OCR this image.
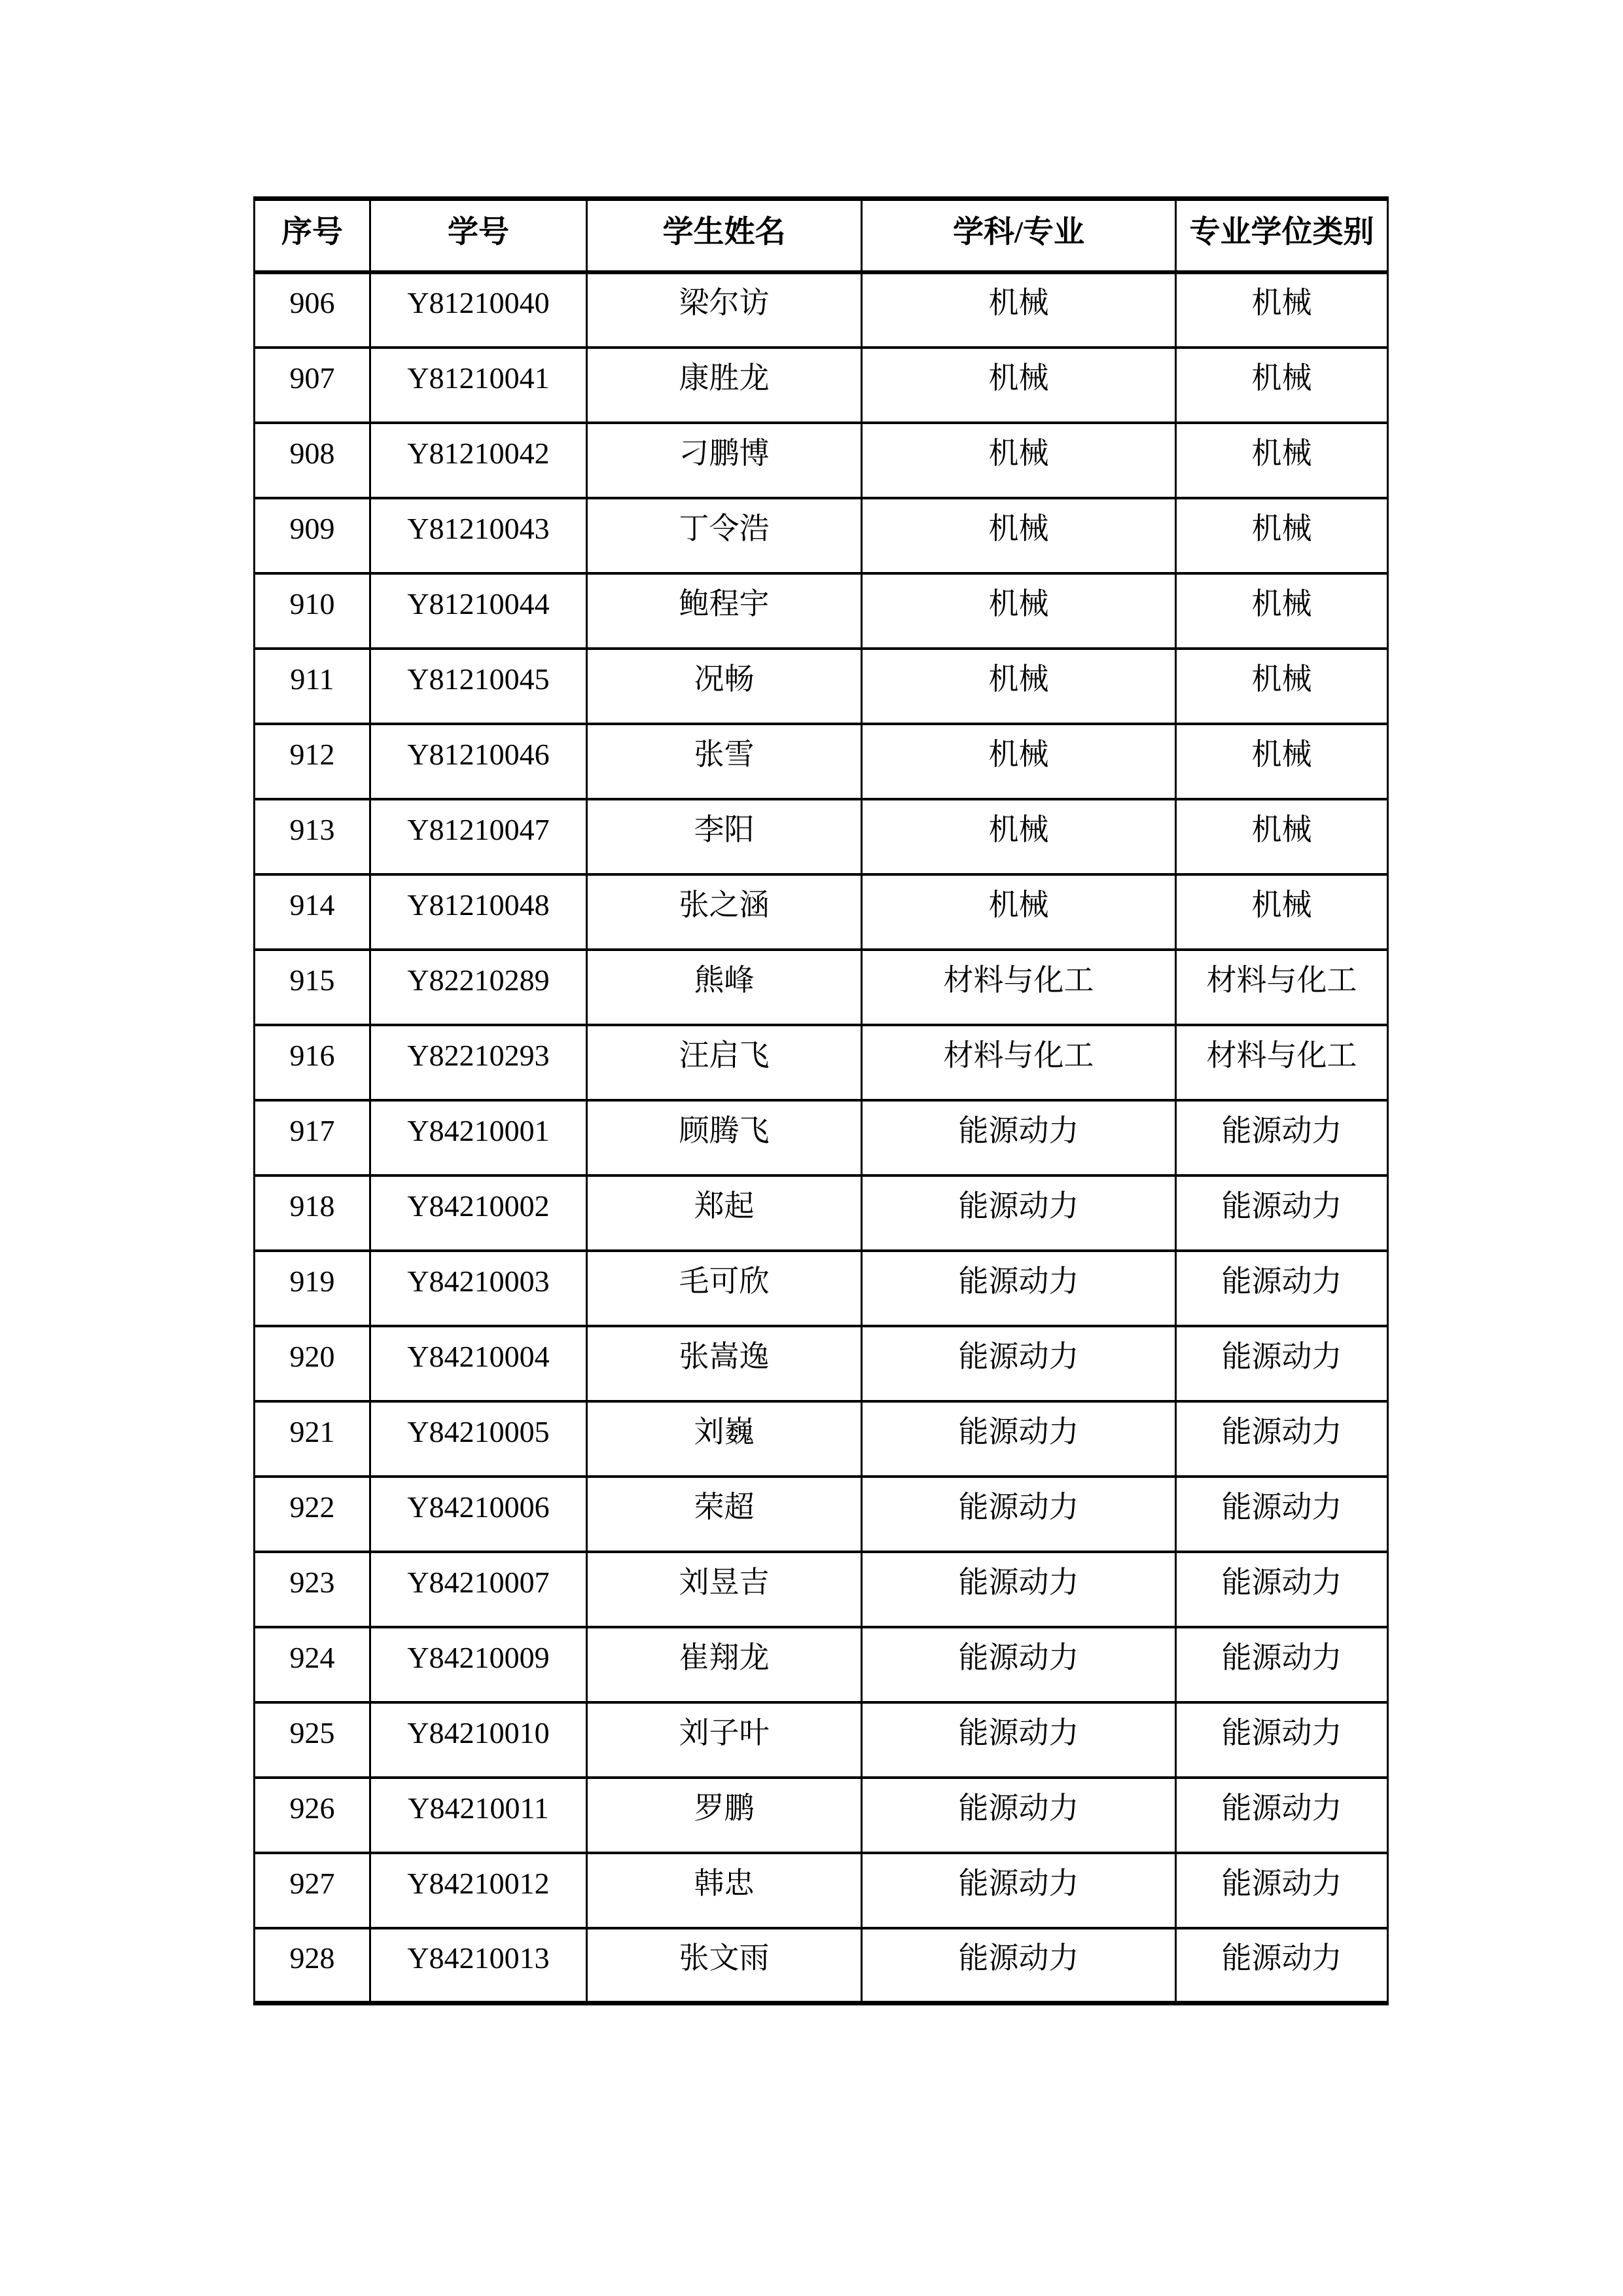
序号	学号	学生姓名	学科/专业	专业学位类别
906	Y81210040	梁尔访	机械	机械
907	Y81210041	康胜龙	机械	机械
908	Y81210042	刁鹏博	机械	机械
909	Y81210043	丁令浩	机械	机械
910	Y81210044	鲍程宇	机械	机械
911	Y81210045	况畅	机械	机械
912	Y81210046	张雪	机械	机械
913	Y81210047	李阳	机械	机械
914	Y81210048	张之涵	机械	机械
915	Y82210289	熊峰	材料与化工	材料与化工
916	Y82210293	汪启飞	材料与化工	材料与化工
917	Y84210001	顾腾飞	能源动力	能源动力
918	Y84210002	郑起	能源动力	能源动力
919	Y84210003	毛可欣	能源动力	能源动力
920	Y84210004	张嵩逸	能源动力	能源动力
921	Y84210005	刘巍	能源动力	能源动力
922	Y84210006	荣超	能源动力	能源动力
923	Y84210007	刘昱吉	能源动力	能源动力
924	Y84210009	崔翔龙	能源动力	能源动力
925	Y84210010	刘子叶	能源动力	能源动力
926	Y84210011	罗鹏	能源动力	能源动力
927	Y84210012	韩忠	能源动力	能源动力
928	Y84210013	张文雨	能源动力	能源动力
